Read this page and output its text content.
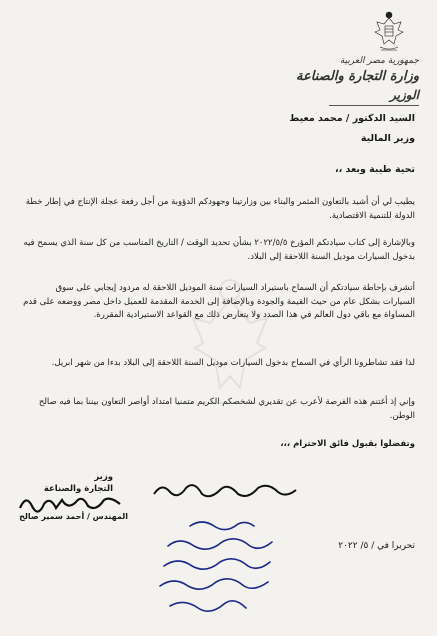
جمهورية مصر العربية
وزارة التجارة والصناعة
الوزير
السيد الدكتور / محمد معيط
وزير المالية
تحية طيبة وبعد ،،
يطيب لي أن أشيد بالتعاون المثمر والبناء بين وزارتينا وجهودكم الدؤوبة من أجل رفعة عجلة الإنتاج في إطار خطة الدولة للتنمية الاقتصادية.
وبالإشارة إلى كتاب سيادتكم المؤرخ ٢٠٢٢/٥/٥ بشأن تحديد الوقت / التاريخ المناسب من كل سنة الذي يسمح فيه بدخول السيارات موديل السنة اللاحقة إلى البلاد.
أتشرف بإحاطة سيادتكم أن السماح باستيراد السيارات سنة الموديل اللاحقة له مردود إيجابي على سوق السيارات بشكل عام من حيث القيمة والجودة وبالإضافة إلى الخدمة المقدمة للعميل داخل مصر ووضعه على قدم المساواة مع باقي دول العالم في هذا الصدد ولا يتعارض ذلك مع القواعد الاستيرادية المقررة.
لذا فقد تشاطرونا الرأي في السماح بدخول السيارات موديل السنة اللاحقة إلى البلاد بدءا من شهر ابريل.
وإني إذ أغتنم هذه الفرصة لأعرب عن تقديري لشخصكم الكريم متمنيا امتداد أواصر التعاون بيننا بما فيه صالح الوطن.
وتفضلوا بقبول فائق الاحترام ،،،
وزير
التجارة والصناعة
المهندس / أحمد سمير صالح
تحريرا في / ٥/ ٢٠٢٢
